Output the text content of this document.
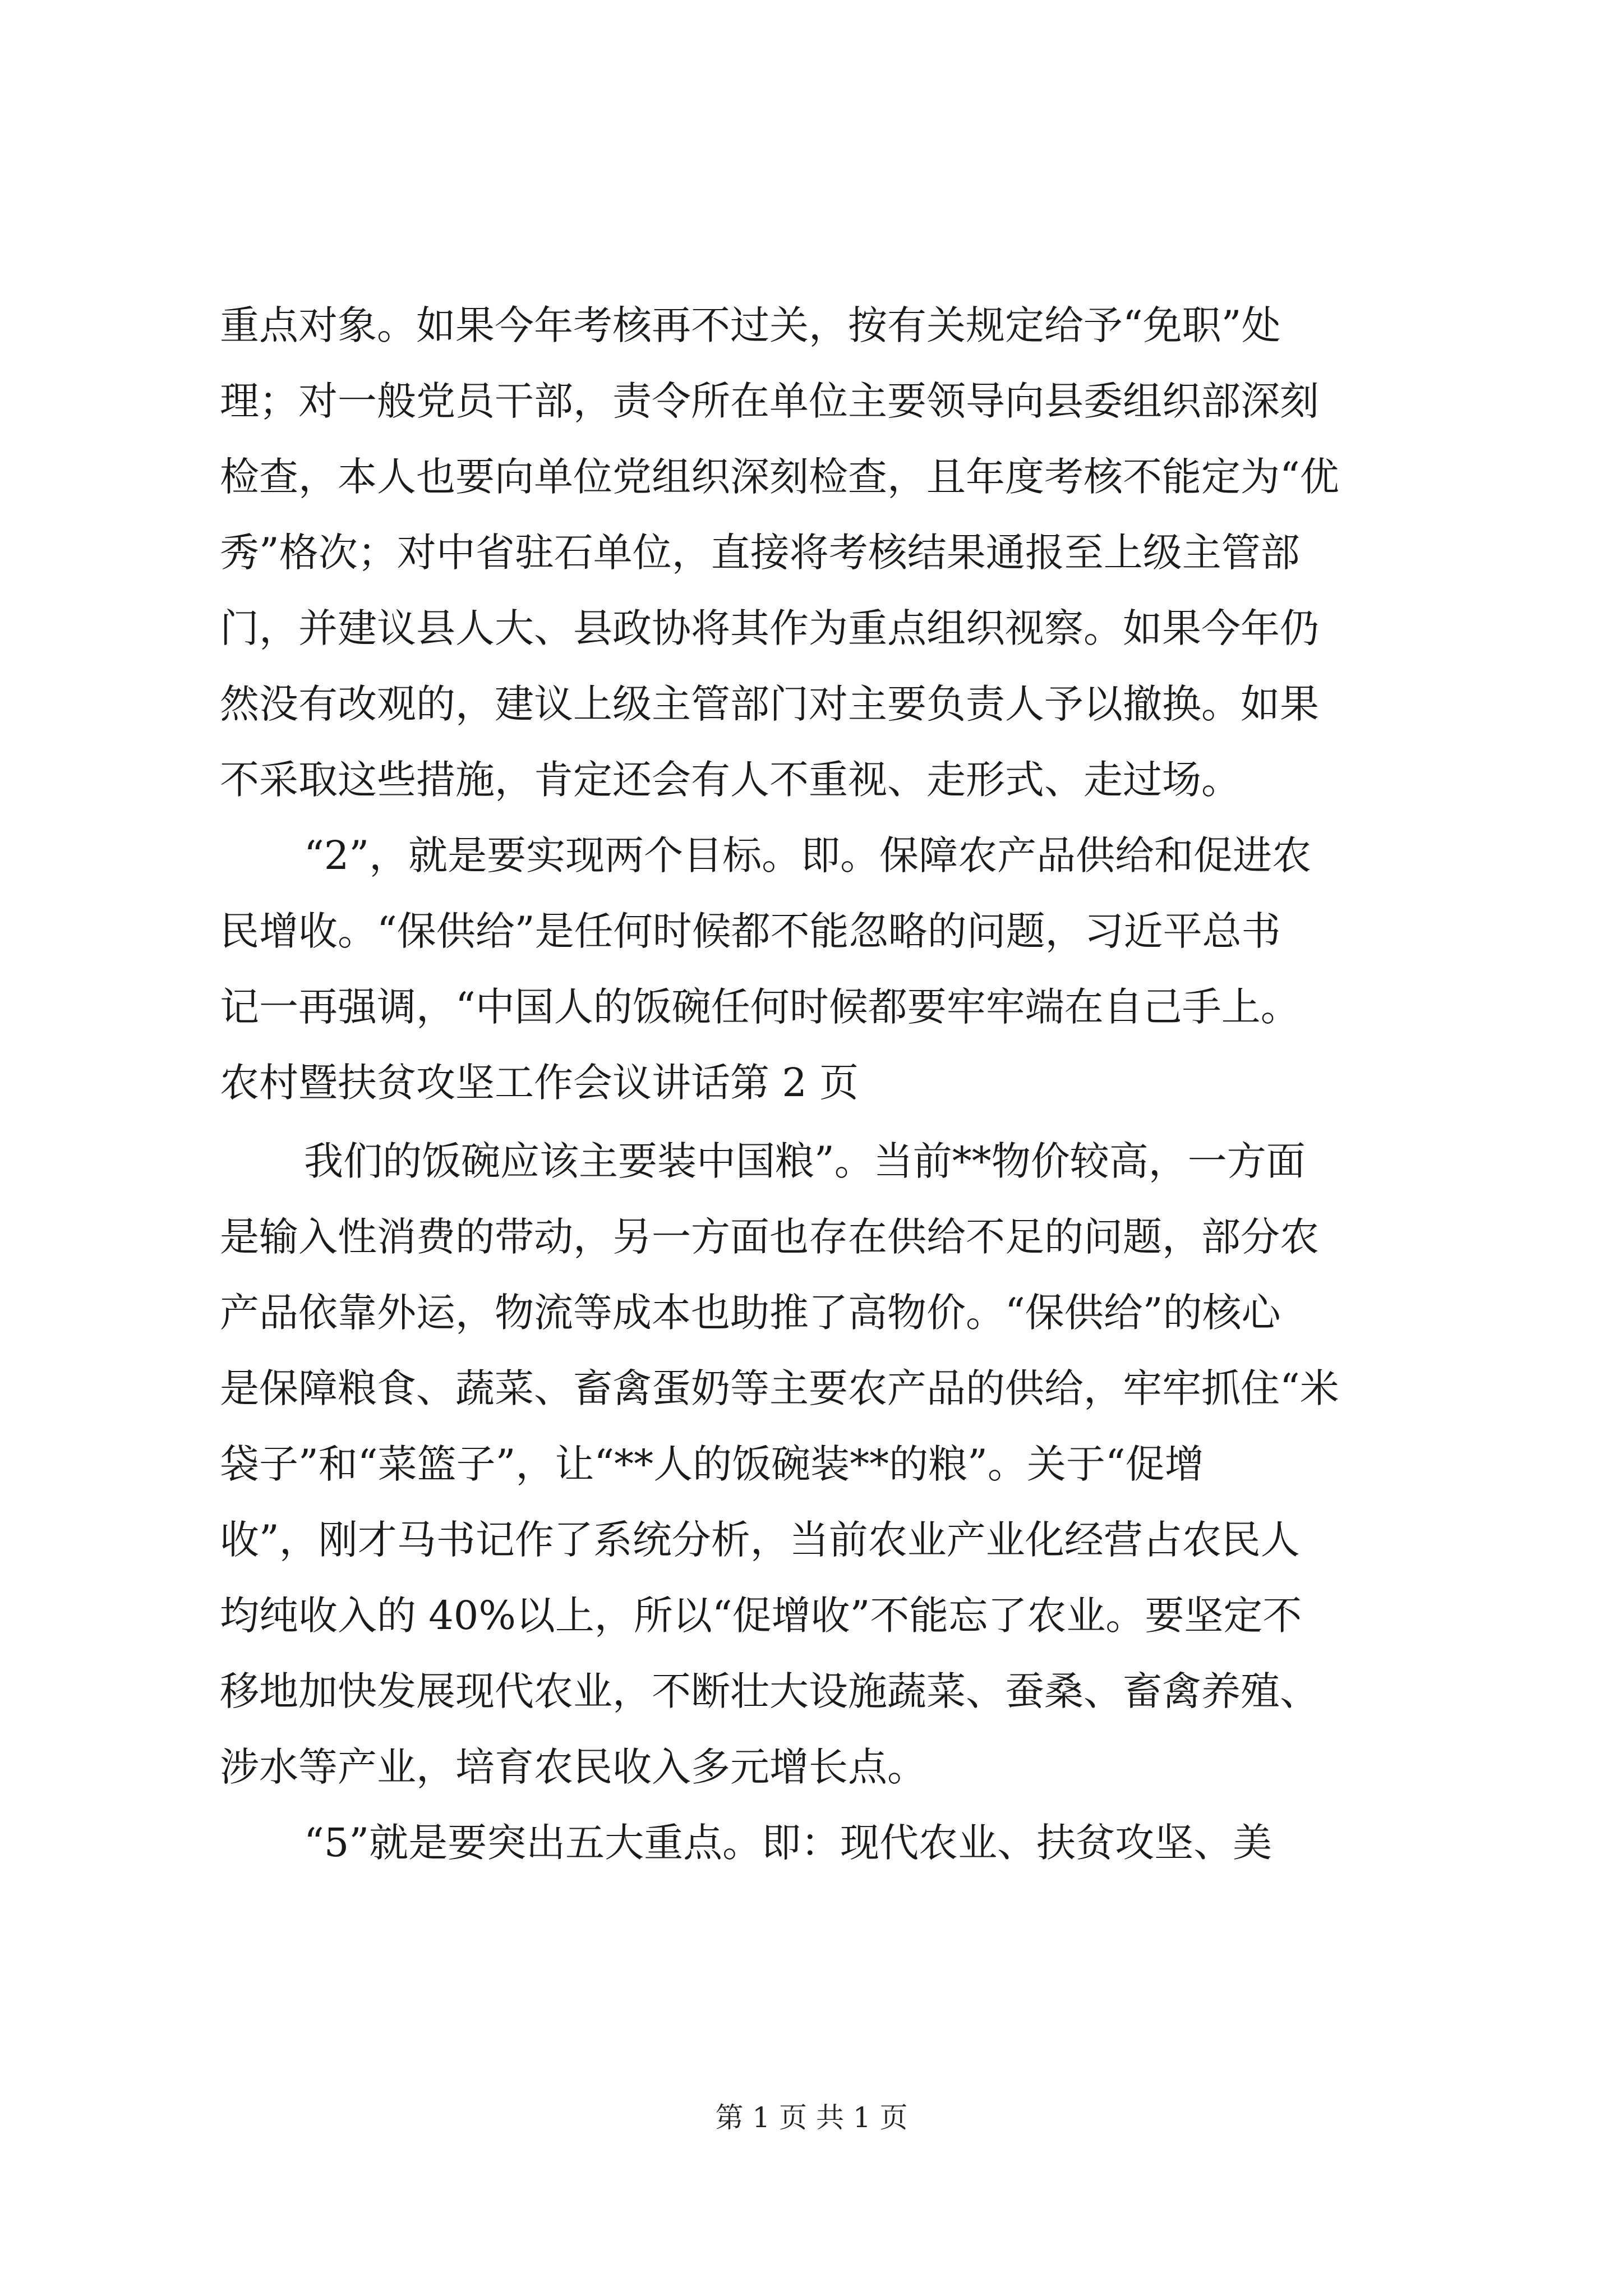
重点对象。如果今年考核再不过关，按有关规定给予“免职”处
理；对一般党员干部，责令所在单位主要领导向县委组织部深刻
检查，本人也要向单位党组织深刻检查，且年度考核不能定为“优
秀”格次；对中省驻石单位，直接将考核结果通报至上级主管部
门，并建议县人大、县政协将其作为重点组织视察。如果今年仍
然没有改观的，建议上级主管部门对主要负责人予以撤换。如果
不采取这些措施，肯定还会有人不重视、走形式、走过场。
“2”，就是要实现两个目标。即。保障农产品供给和促进农
民增收。“保供给”是任何时候都不能忽略的问题，习近平总书
记一再强调，“中国人的饭碗任何时候都要牢牢端在自己手上。
农村暨扶贫攻坚工作会议讲话第 2 页
我们的饭碗应该主要装中国粮”。当前**物价较高，一方面
是输入性消费的带动，另一方面也存在供给不足的问题，部分农
产品依靠外运，物流等成本也助推了高物价。“保供给”的核心
是保障粮食、蔬菜、畜禽蛋奶等主要农产品的供给，牢牢抓住“米
袋子”和“菜篮子”，让“**人的饭碗装**的粮”。关于“促增
收”，刚才马书记作了系统分析，当前农业产业化经营占农民人
均纯收入的 40%以上，所以“促增收”不能忘了农业。要坚定不
移地加快发展现代农业，不断壮大设施蔬菜、蚕桑、畜禽养殖、
涉水等产业，培育农民收入多元增长点。
“5”就是要突出五大重点。即：现代农业、扶贫攻坚、美
第 1 页 共 1 页
